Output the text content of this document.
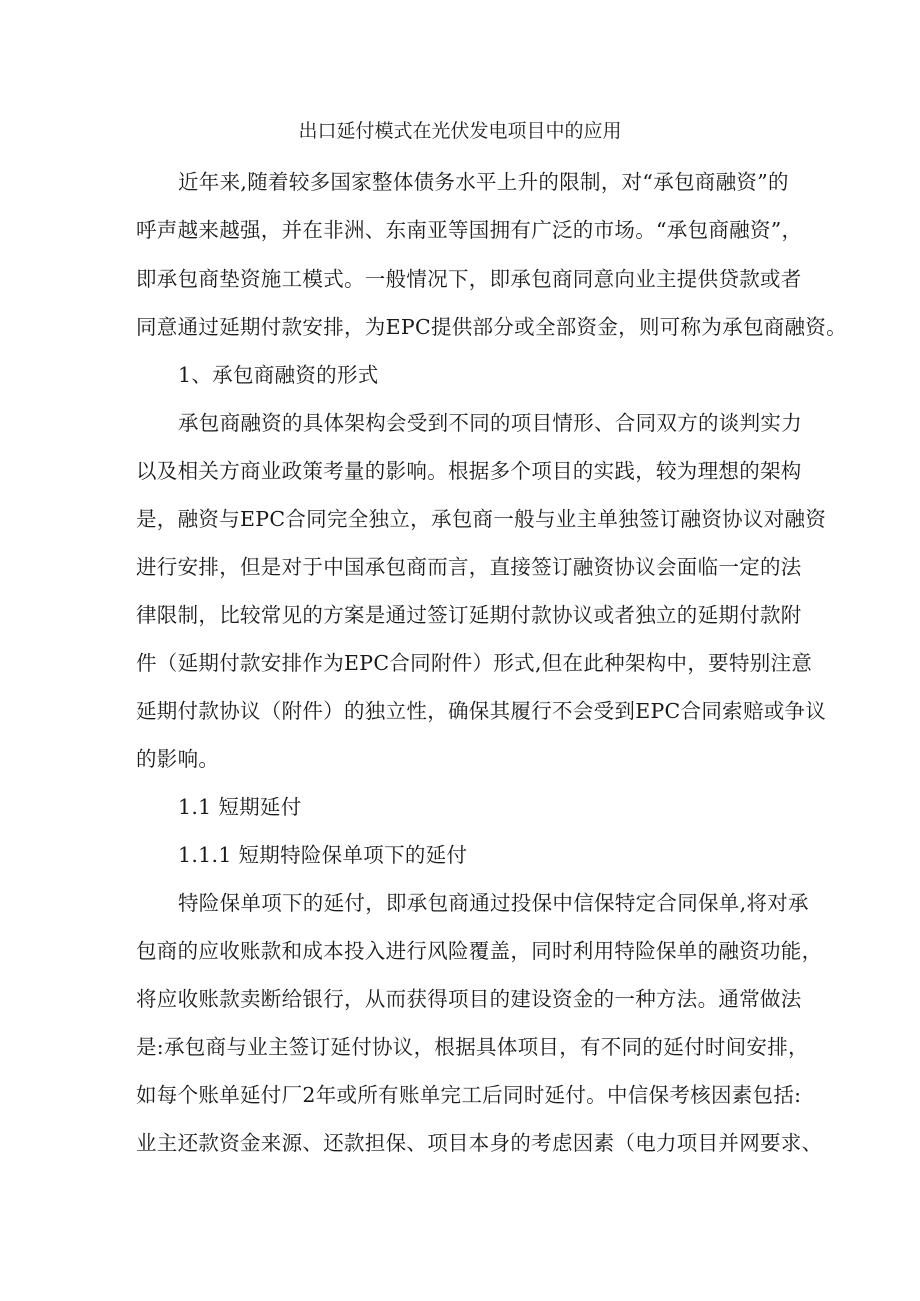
出口延付模式在光伏发电项目中的应用
近年来,随着较多国家整体债务水平上升的限制，对“承包商融资”的
呼声越来越强，并在非洲、东南亚等国拥有广泛的市场。“承包商融资”，
即承包商垫资施工模式。一般情况下，即承包商同意向业主提供贷款或者
同意通过延期付款安排，为EPC提供部分或全部资金，则可称为承包商融资。
1、承包商融资的形式
承包商融资的具体架构会受到不同的项目情形、合同双方的谈判实力
以及相关方商业政策考量的影响。根据多个项目的实践，较为理想的架构
是，融资与EPC合同完全独立，承包商一般与业主单独签订融资协议对融资
进行安排，但是对于中国承包商而言，直接签订融资协议会面临一定的法
律限制，比较常见的方案是通过签订延期付款协议或者独立的延期付款附
件（延期付款安排作为EPC合同附件）形式,但在此种架构中，要特别注意
延期付款协议（附件）的独立性，确保其履行不会受到EPC合同索赔或争议
的影响。
1.1 短期延付
1.1.1 短期特险保单项下的延付
特险保单项下的延付，即承包商通过投保中信保特定合同保单,将对承
包商的应收账款和成本投入进行风险覆盖，同时利用特险保单的融资功能，
将应收账款卖断给银行，从而获得项目的建设资金的一种方法。通常做法
是:承包商与业主签订延付协议，根据具体项目，有不同的延付时间安排，
如每个账单延付厂2年或所有账单完工后同时延付。中信保考核因素包括:
业主还款资金来源、还款担保、项目本身的考虑因素（电力项目并网要求、
